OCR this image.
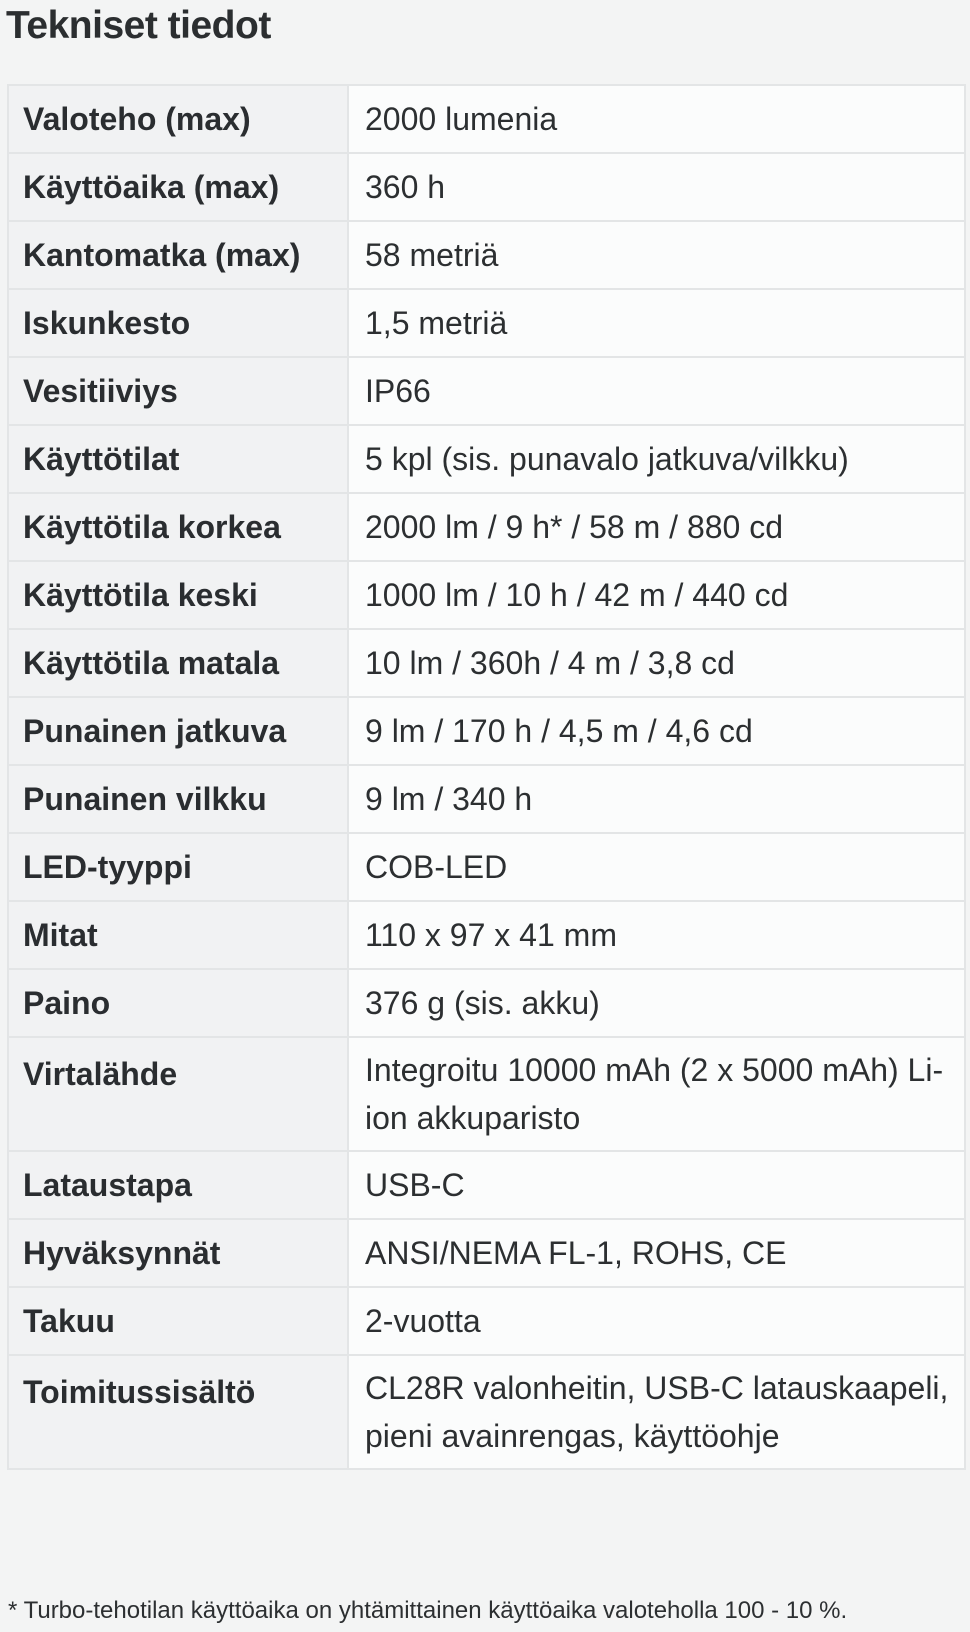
Tekniset tiedot
Valoteho (max)	2000 lumenia
Käyttöaika (max)	360 h
Kantomatka (max)	58 metriä
Iskunkesto	1,5 metriä
Vesitiiviys	IP66
Käyttötilat	5 kpl (sis. punavalo jatkuva/vilkku)
Käyttötila korkea	2000 lm / 9 h* / 58 m / 880 cd
Käyttötila keski	1000 lm / 10 h / 42 m / 440 cd
Käyttötila matala	10 lm / 360h / 4 m / 3,8 cd
Punainen jatkuva	9 lm / 170 h / 4,5 m / 4,6 cd
Punainen vilkku	9 lm / 340 h
LED-tyyppi	COB-LED
Mitat	110 x 97 x 41 mm
Paino	376 g (sis. akku)
Virtalähde	Integroitu 10000 mAh (2 x 5000 mAh) Li-ion akkuparisto
Lataustapa	USB-C
Hyväksynnät	ANSI/NEMA FL-1, ROHS, CE
Takuu	2-vuotta
Toimitussisältö	CL28R valonheitin, USB-C latauskaapeli, pieni avainrengas, käyttöohje
* Turbo-tehotilan käyttöaika on yhtämittainen käyttöaika valoteholla 100 - 10 %.
